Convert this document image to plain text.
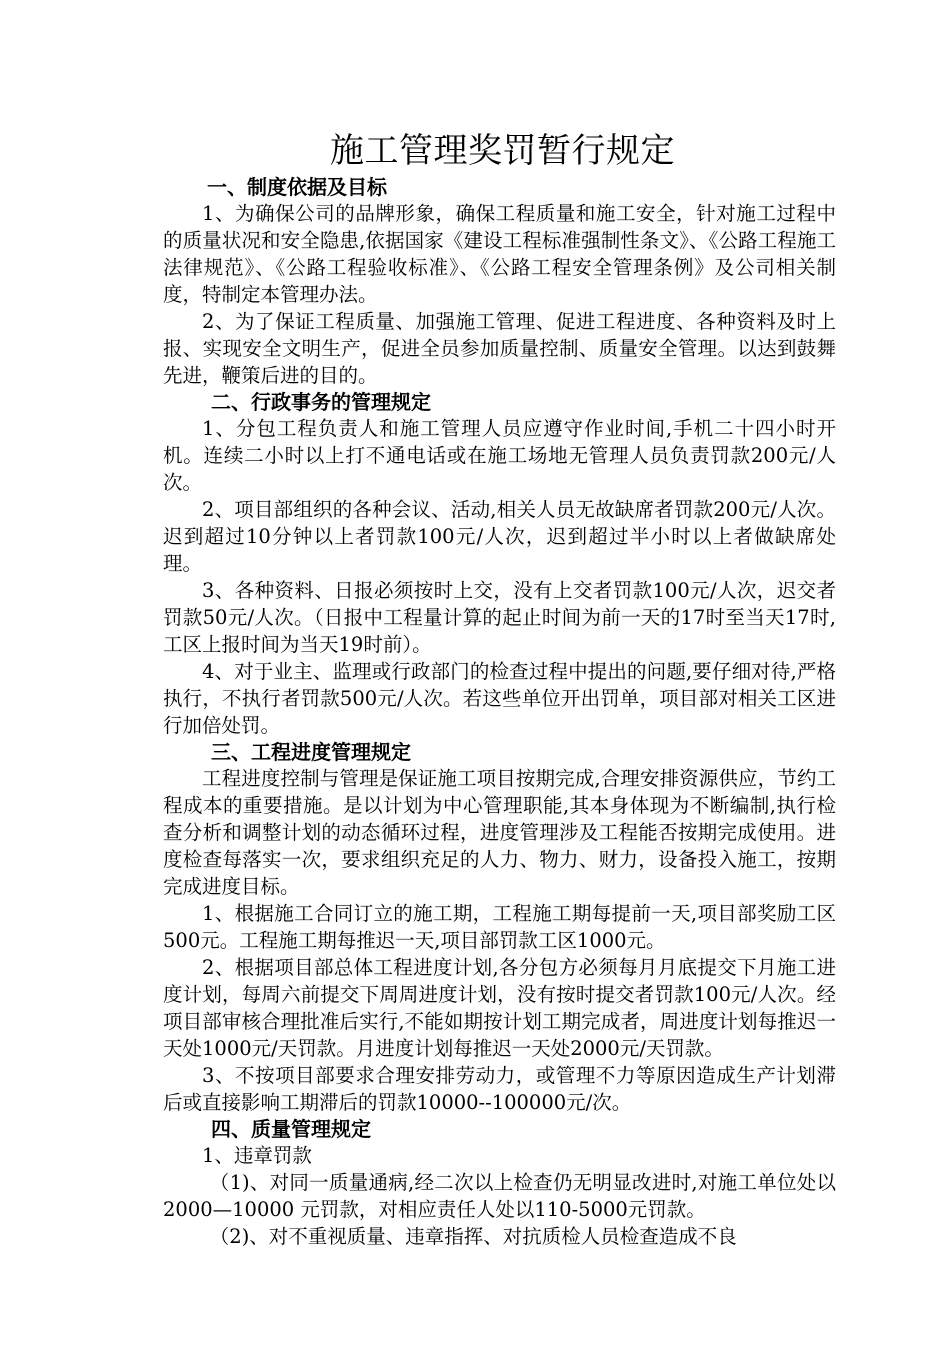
施工管理奖罚暂行规定
一、制度依据及目标

1、为确保公司的品牌形象，确保工程质量和施工安全，针对施工过程中的质量状况和安全隐患,依据国家《建设工程标准强制性条文》、《公路工程施工法律规范》、《公路工程验收标准》、《公路工程安全管理条例》及公司相关制度，特制定本管理办法。

2、为了保证工程质量、加强施工管理、促进工程进度、各种资料及时上报、实现安全文明生产，促进全员参加质量控制、质量安全管理。以达到鼓舞先进，鞭策后进的目的。

二、行政事务的管理规定

1、分包工程负责人和施工管理人员应遵守作业时间,手机二十四小时开机。连续二小时以上打不通电话或在施工场地无管理人员负责罚款200元/人次。

2、项目部组织的各种会议、活动,相关人员无故缺席者罚款200元/人次。迟到超过10分钟以上者罚款100元/人次，迟到超过半小时以上者做缺席处理。

3、各种资料、日报必须按时上交，没有上交者罚款100元/人次，迟交者罚款50元/人次。（日报中工程量计算的起止时间为前一天的17时至当天17时,工区上报时间为当天19时前）。

4、对于业主、监理或行政部门的检查过程中提出的问题,要仔细对待,严格执行，不执行者罚款500元/人次。若这些单位开出罚单，项目部对相关工区进行加倍处罚。

三、工程进度管理规定

工程进度控制与管理是保证施工项目按期完成,合理安排资源供应，节约工程成本的重要措施。是以计划为中心管理职能,其本身体现为不断编制,执行检查分析和调整计划的动态循环过程，进度管理涉及工程能否按期完成使用。进度检查每落实一次，要求组织充足的人力、物力、财力，设备投入施工，按期完成进度目标。

1、根据施工合同订立的施工期，工程施工期每提前一天,项目部奖励工区500元。工程施工期每推迟一天,项目部罚款工区1000元。

2、根据项目部总体工程进度计划,各分包方必须每月月底提交下月施工进度计划，每周六前提交下周周进度计划，没有按时提交者罚款100元/人次。经项目部审核合理批准后实行,不能如期按计划工期完成者，周进度计划每推迟一天处1000元/天罚款。月进度计划每推迟一天处2000元/天罚款。

3、不按项目部要求合理安排劳动力，或管理不力等原因造成生产计划滞后或直接影响工期滞后的罚款10000--100000元/次。

四、质量管理规定

1、违章罚款

（1)、对同一质量通病,经二次以上检查仍无明显改进时,对施工单位处以2000—10000 元罚款，对相应责任人处以110-5000元罚款。

（2)、对不重视质量、违章指挥、对抗质检人员检查造成不良
